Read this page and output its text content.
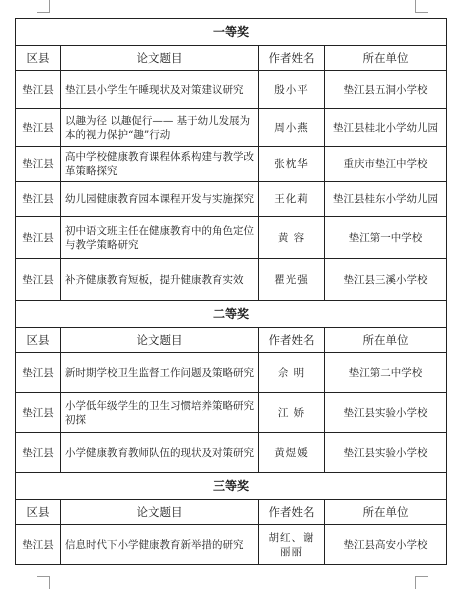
一等奖			
区县	论文题目	作者姓名	所在单位
垫江县	垫江县小学生午睡现状及对策建议研究	殷小平	垫江县五洞小学校
垫江县	以趣为径 以趣促行—— 基于幼儿发展为本的视力保护“趣”行动	周小燕	垫江县桂北小学幼儿园
垫江县	高中学校健康教育课程体系构建与教学改革策略探究	张枕华	重庆市垫江中学校
垫江县	幼儿园健康教育园本课程开发与实施探究	王化莉	垫江县桂东小学幼儿园
垫江县	初中语文班主任在健康教育中的角色定位与教学策略研究	黄 容	垫江第一中学校
垫江县	补齐健康教育短板，提升健康教育实效	瞿光强	垫江县三溪小学校
二等奖			
区县	论文题目	作者姓名	所在单位
垫江县	新时期学校卫生监督工作问题及策略研究	佘 明	垫江第二中学校
垫江县	小学低年级学生的卫生习惯培养策略研究初探	江 娇	垫江县实验小学校
垫江县	小学健康教育教师队伍的现状及对策研究	黄煜媛	垫江县实验小学校
三等奖			
区县	论文题目	作者姓名	所在单位
垫江县	信息时代下小学健康教育新举措的研究	胡红、谢丽丽	垫江县高安小学校
